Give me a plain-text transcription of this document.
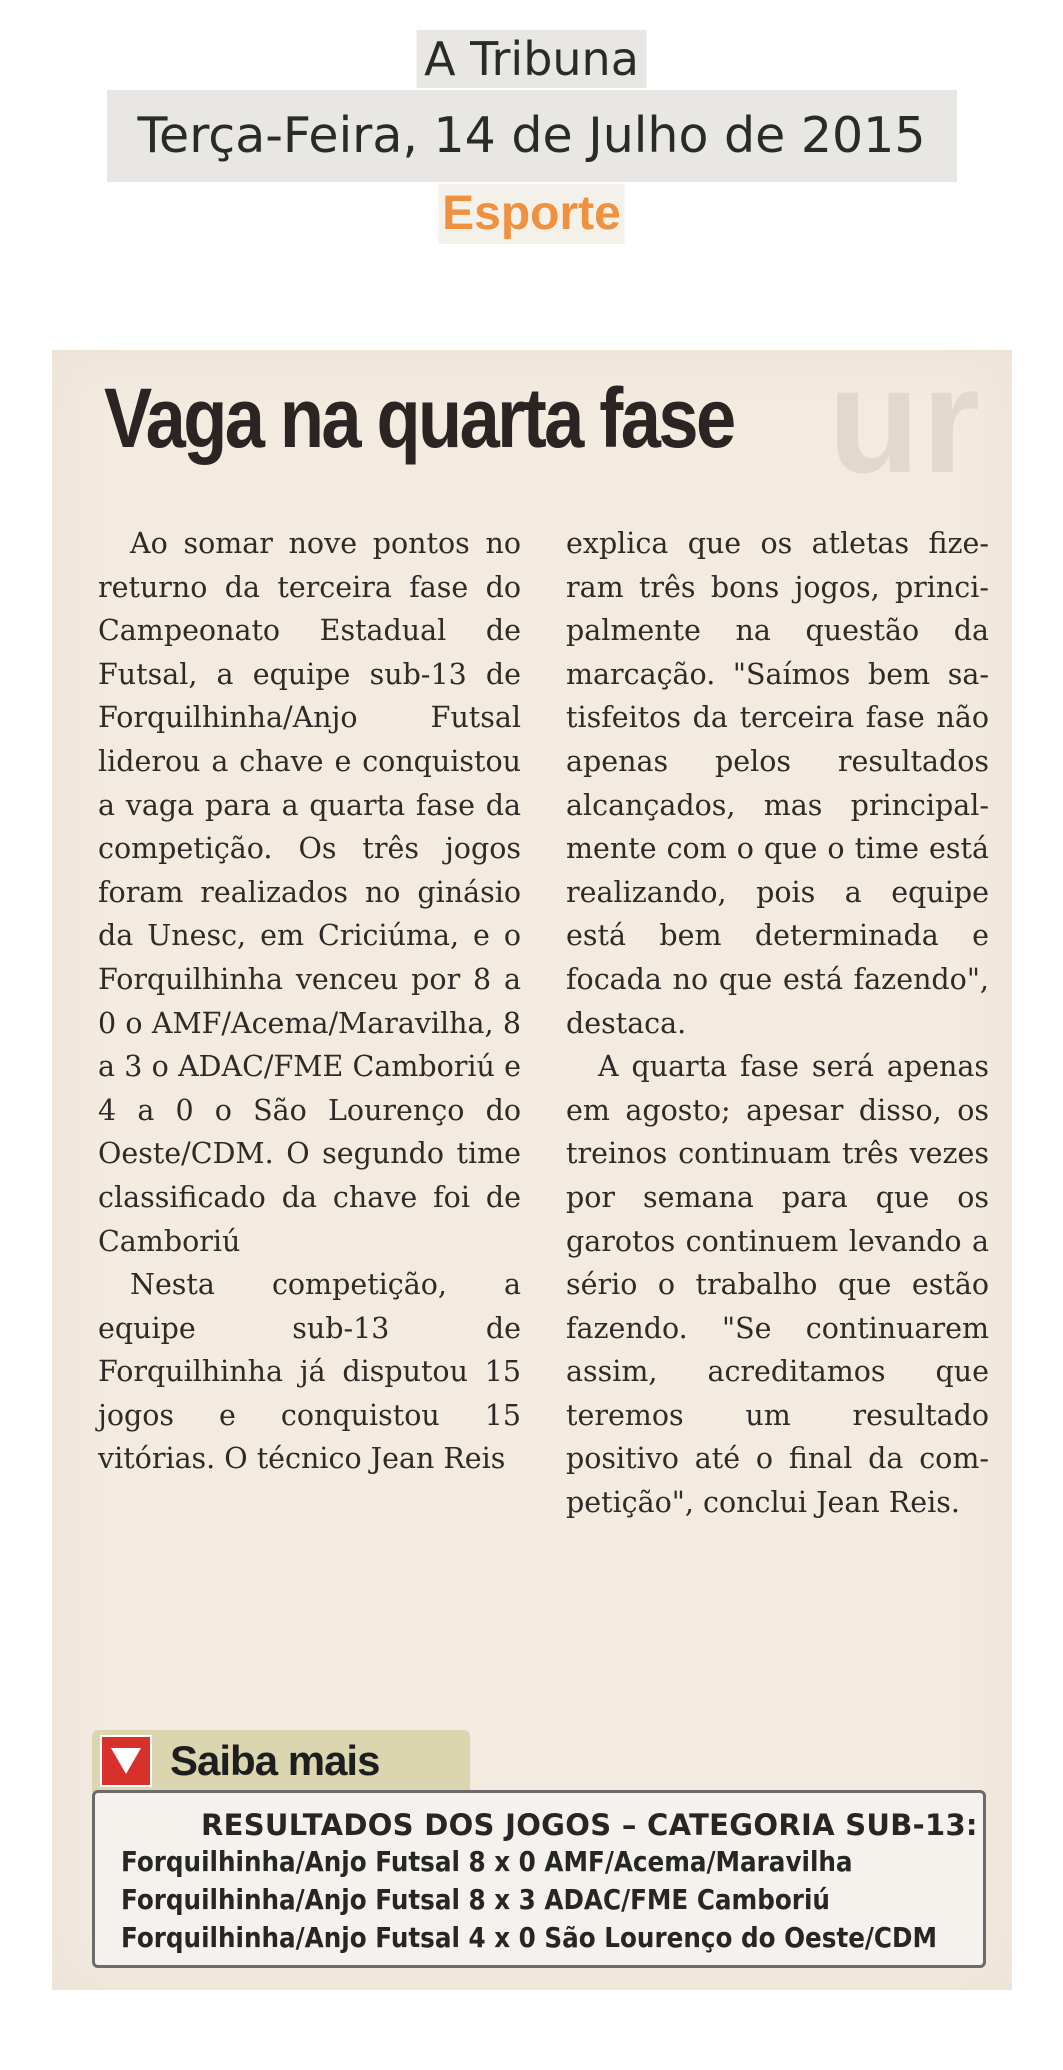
A Tribuna
Terça-Feira, 14 de Julho de 2015
Esporte
ur
Vaga na quarta fase

Ao somar nove pontos no returno da terceira fase do Campeonato Estadual de Futsal, a equipe sub-13 de Forquilhinha/Anjo Futsal liderou a chave e conquistou a vaga para a quarta fase da competição. Os três jogos foram realizados no ginásio da Unesc, em Criciúma, e o Forquilhinha venceu por 8 a 0 o AMF/Acema/Maravilha, 8 a 3 o ADAC/FME Camboriú e 4 a 0 o São Lourenço do Oeste/CDM. O segundo time classificado da chave foi de Camboriú

Nesta competição, a equipe sub-13 de Forquilhinha já disputou 15 jogos e conquistou 15 vitórias. O técnico Jean Reis

explica que os atletas fizeram três bons jogos, principalmente na questão da marcação. "Saímos bem satisfeitos da terceira fase não apenas pelos resultados alcançados, mas principalmente com o que o time está realizando, pois a equipe está bem determinada e focada no que está fazendo", destaca.

A quarta fase será apenas em agosto; apesar disso, os treinos continuam três vezes por semana para que os garotos continuem levando a sério o trabalho que estão fazendo. "Se continuarem assim, acreditamos que teremos um resultado positivo até o final da competição", conclui Jean Reis.

Saiba mais
RESULTADOS DOS JOGOS – CATEGORIA SUB-13:
Forquilhinha/Anjo Futsal 8 x 0 AMF/Acema/Maravilha
Forquilhinha/Anjo Futsal 8 x 3 ADAC/FME Camboriú
Forquilhinha/Anjo Futsal 4 x 0 São Lourenço do Oeste/CDM
